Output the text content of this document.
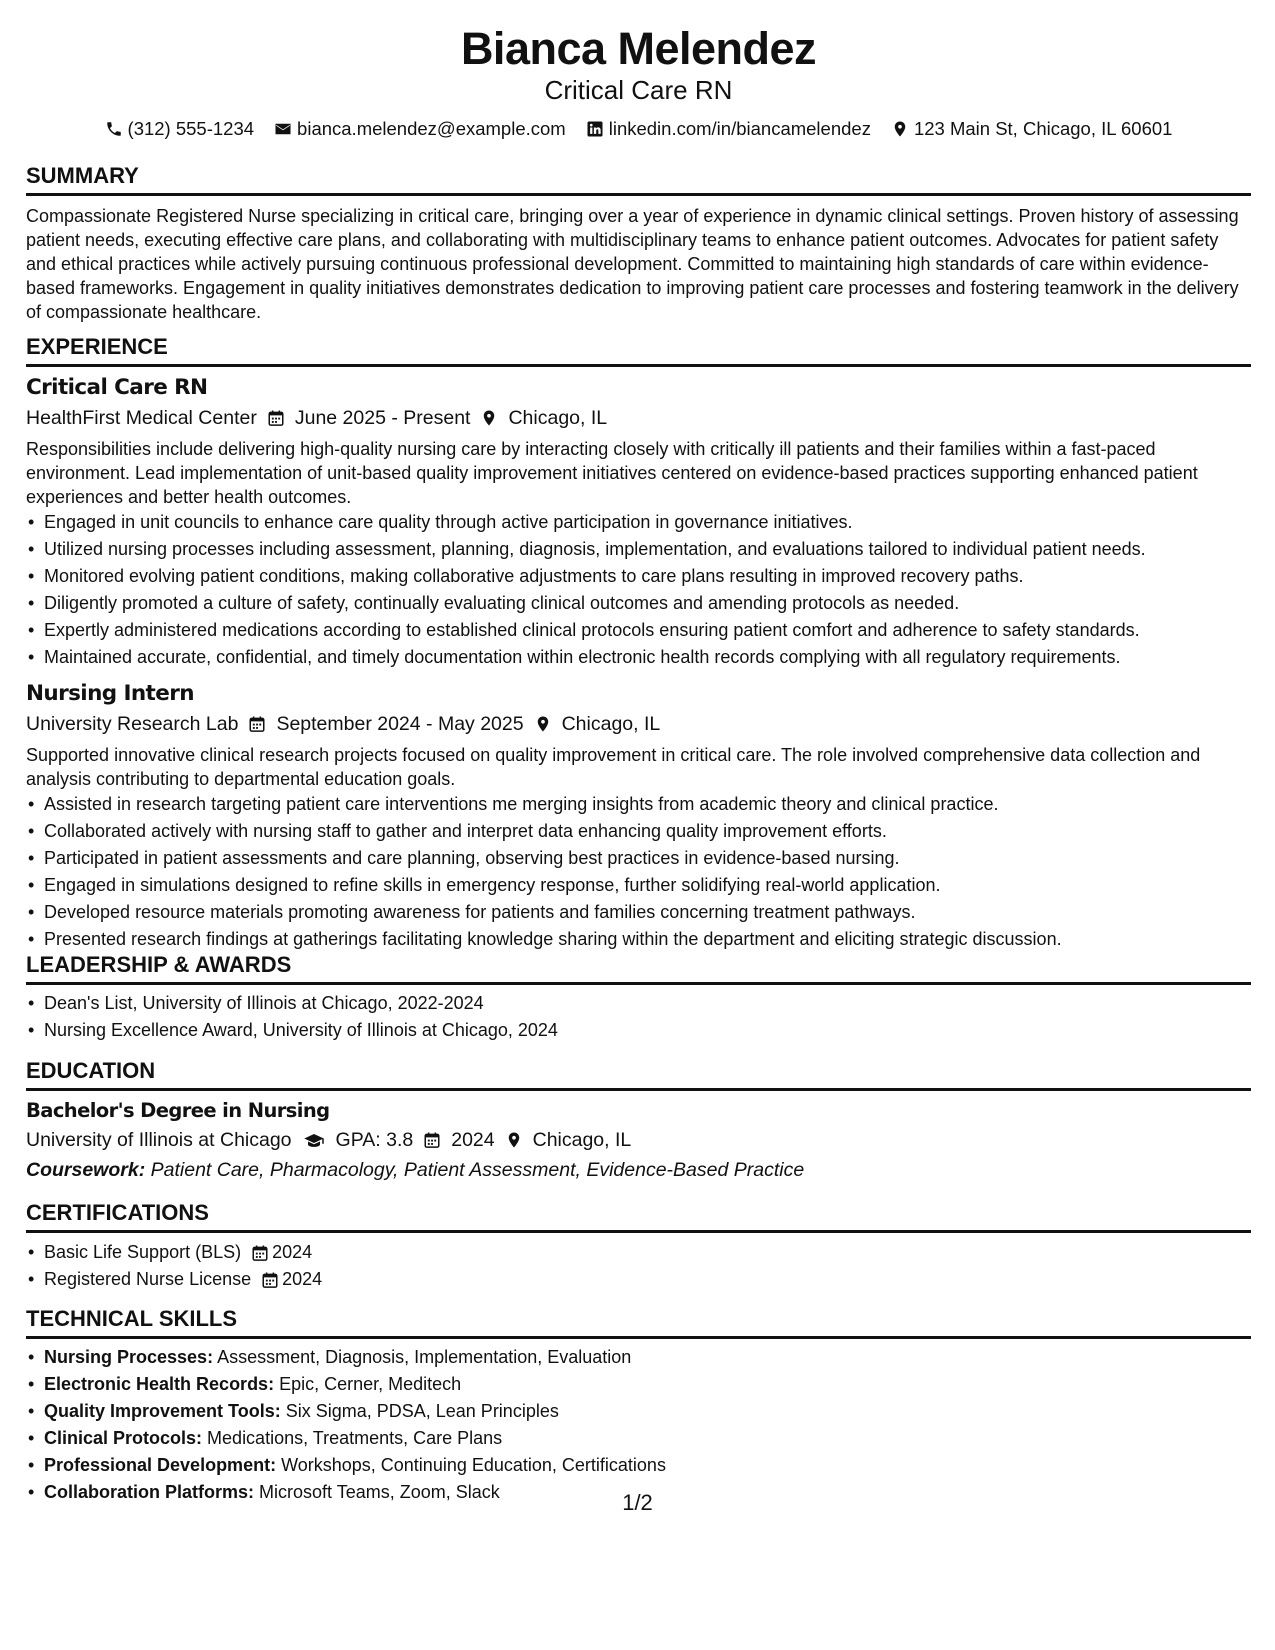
Bianca Melendez
Critical Care RN
(312) 555-1234 bianca.melendez@example.com linkedin.com/in/biancamelendez 123 Main St, Chicago, IL 60601
SUMMARY

Compassionate Registered Nurse specializing in critical care, bringing over a year of experience in dynamic clinical settings. Proven history of assessing patient needs, executing effective care plans, and collaborating with multidisciplinary teams to enhance patient outcomes. Advocates for patient safety and ethical practices while actively pursuing continuous professional development. Committed to maintaining high standards of care within evidence-based frameworks. Engagement in quality initiatives demonstrates dedication to improving patient care processes and fostering teamwork in the delivery of compassionate healthcare.

EXPERIENCE
Critical Care RN
HealthFirst Medical Center June 2025 - Present Chicago, IL

Responsibilities include delivering high-quality nursing care by interacting closely with critically ill patients and their families within a fast-paced environment. Lead implementation of unit-based quality improvement initiatives centered on evidence-based practices supporting enhanced patient experiences and better health outcomes.

• Engaged in unit councils to enhance care quality through active participation in governance initiatives.
• Utilized nursing processes including assessment, planning, diagnosis, implementation, and evaluations tailored to individual patient needs.
• Monitored evolving patient conditions, making collaborative adjustments to care plans resulting in improved recovery paths.
• Diligently promoted a culture of safety, continually evaluating clinical outcomes and amending protocols as needed.
• Expertly administered medications according to established clinical protocols ensuring patient comfort and adherence to safety standards.
• Maintained accurate, confidential, and timely documentation within electronic health records complying with all regulatory requirements.
Nursing Intern
University Research Lab September 2024 - May 2025 Chicago, IL

Supported innovative clinical research projects focused on quality improvement in critical care. The role involved comprehensive data collection and analysis contributing to departmental education goals.

• Assisted in research targeting patient care interventions me merging insights from academic theory and clinical practice.
• Collaborated actively with nursing staff to gather and interpret data enhancing quality improvement efforts.
• Participated in patient assessments and care planning, observing best practices in evidence-based nursing.
• Engaged in simulations designed to refine skills in emergency response, further solidifying real-world application.
• Developed resource materials promoting awareness for patients and families concerning treatment pathways.
• Presented research findings at gatherings facilitating knowledge sharing within the department and eliciting strategic discussion.
LEADERSHIP & AWARDS
• Dean's List, University of Illinois at Chicago, 2022-2024
• Nursing Excellence Award, University of Illinois at Chicago, 2024
EDUCATION
Bachelor's Degree in Nursing
University of Illinois at Chicago GPA: 3.8 2024 Chicago, IL
Coursework: Patient Care, Pharmacology, Patient Assessment, Evidence-Based Practice
CERTIFICATIONS
• Basic Life Support (BLS) 2024
• Registered Nurse License 2024
TECHNICAL SKILLS
• Nursing Processes: Assessment, Diagnosis, Implementation, Evaluation
• Electronic Health Records: Epic, Cerner, Meditech
• Quality Improvement Tools: Six Sigma, PDSA, Lean Principles
• Clinical Protocols: Medications, Treatments, Care Plans
• Professional Development: Workshops, Continuing Education, Certifications
• Collaboration Platforms: Microsoft Teams, Zoom, Slack	1/2
